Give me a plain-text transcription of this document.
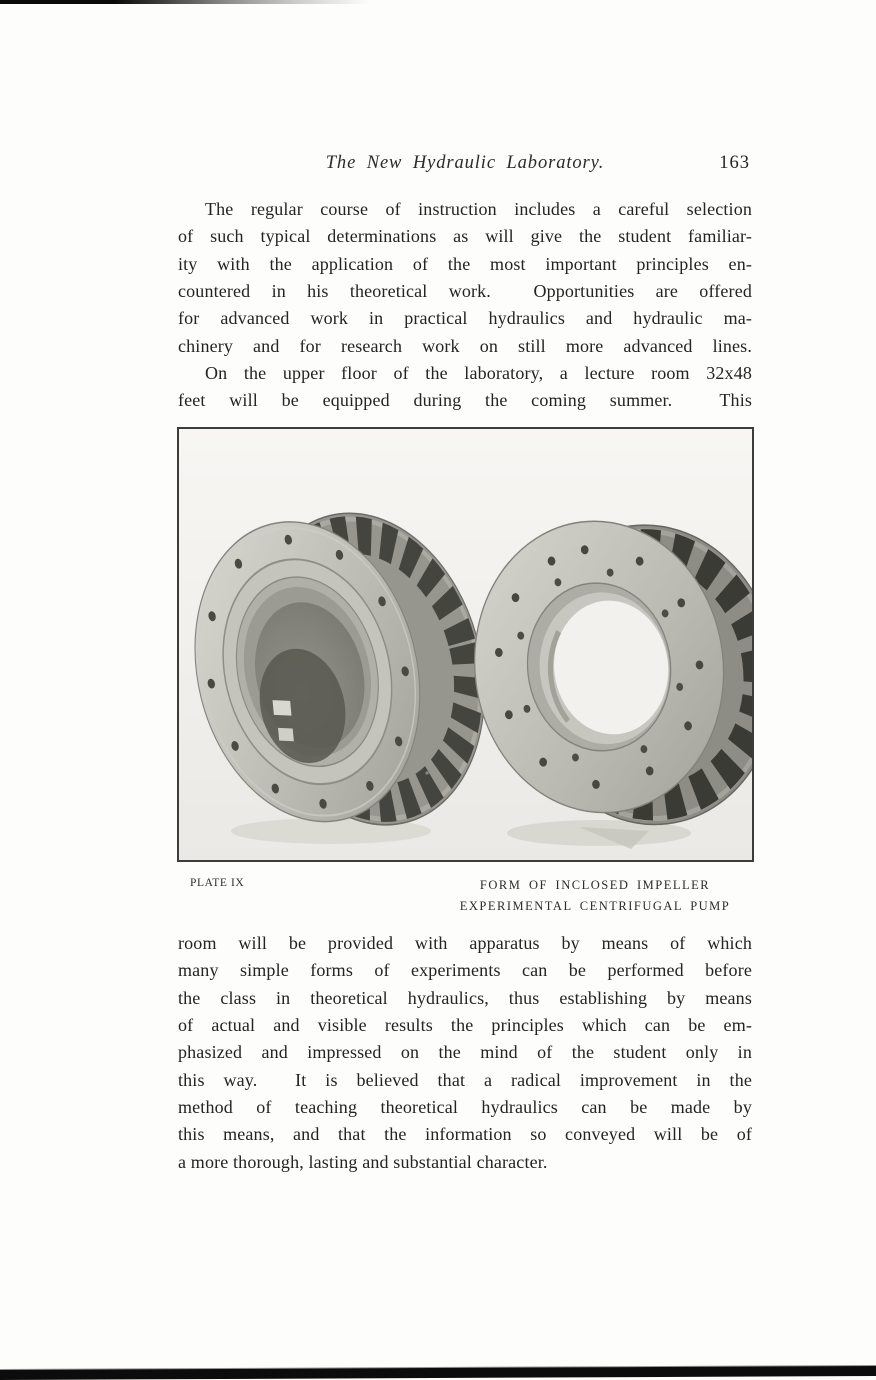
The New Hydraulic Laboratory.	163
The regular course of instruction includes a careful selection
of such typical determinations as will give the student familiar-
ity with the application of the most important principles en-
countered in his theoretical work.  Opportunities are offered
for advanced work in practical hydraulics and hydraulic ma-
chinery and for research work on still more advanced lines.
On the upper floor of the laboratory, a lecture room 32x48
feet will be equipped during the coming summer.  This
PLATE IX	FORM OF INCLOSED IMPELLER
EXPERIMENTAL CENTRIFUGAL PUMP
room will be provided with apparatus by means of which
many simple forms of experiments can be performed before
the class in theoretical hydraulics, thus establishing by means
of actual and visible results the principles which can be em-
phasized and impressed on the mind of the student only in
this way.  It is believed that a radical improvement in the
method of teaching theoretical hydraulics can be made by
this means, and that the information so conveyed will be of
a more thorough, lasting and substantial character.
